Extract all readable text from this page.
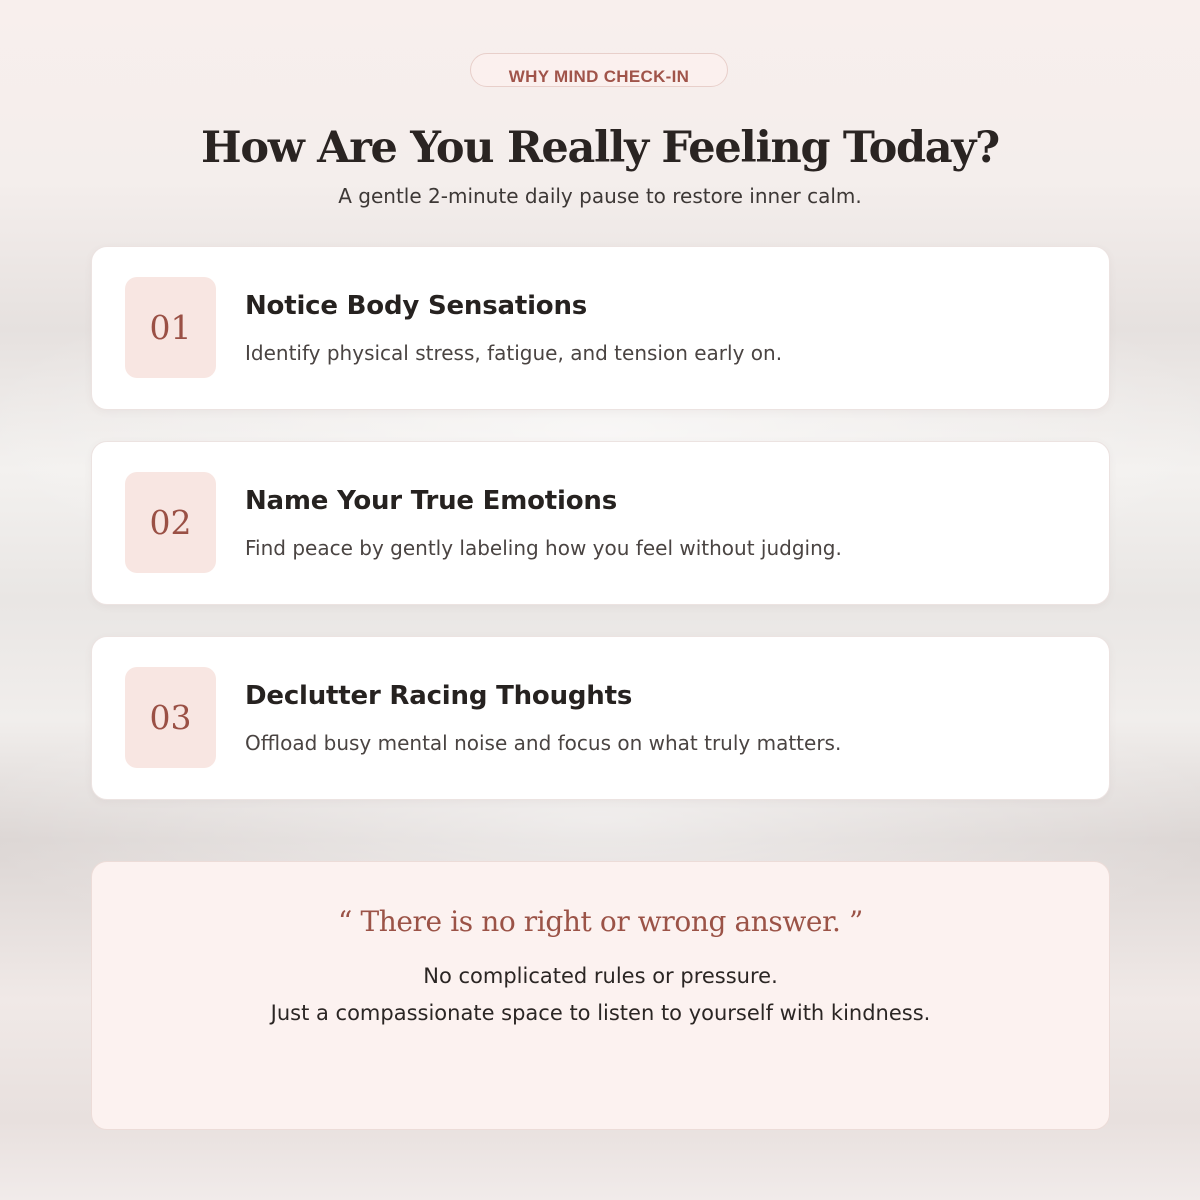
WHY MIND CHECK-IN
How Are You Really Feeling Today?

A gentle 2-minute daily pause to restore inner calm.

01
Notice Body Sensations

Identify physical stress, fatigue, and tension early on.

02
Name Your True Emotions

Find peace by gently labeling how you feel without judging.

03
Declutter Racing Thoughts

Offload busy mental noise and focus on what truly matters.

“ There is no right or wrong answer. ”

No complicated rules or pressure.

Just a compassionate space to listen to yourself with kindness.
